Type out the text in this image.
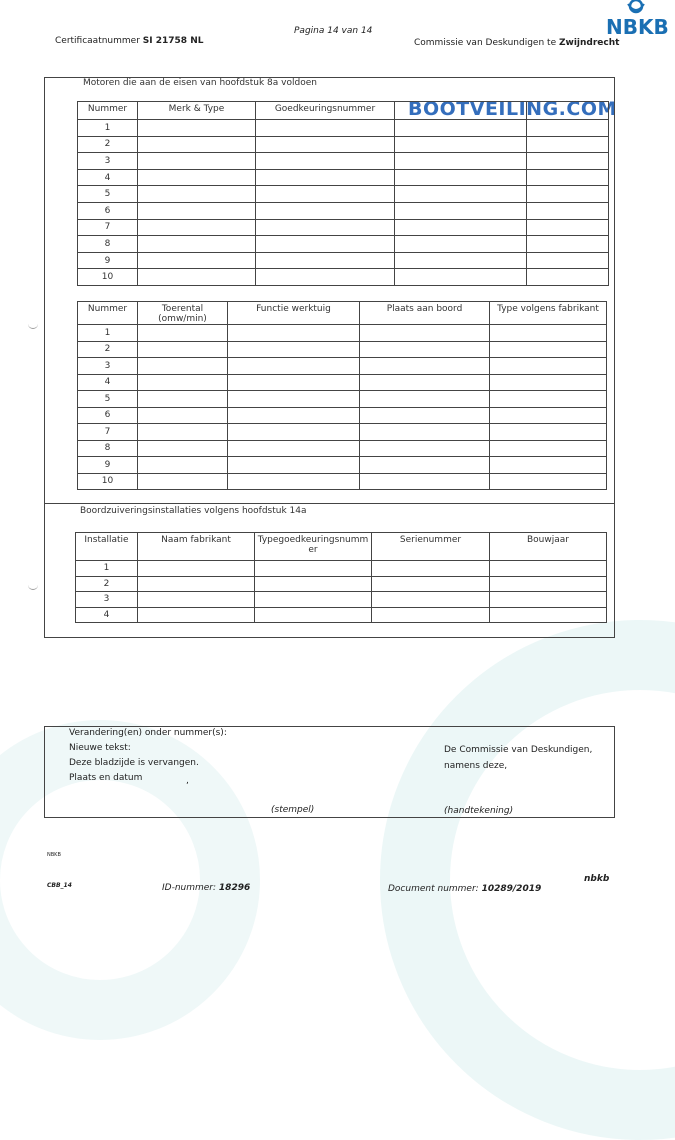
Certificaatnummer SI 21758 NL
Pagina 14 van 14
Commissie van Deskundigen te Zwijndrecht
NBKB
BOOTVEILING.COM
Motoren die aan de eisen van hoofdstuk 8a voldoen
Nummer	Merk & Type	Goedkeuringsnummer		
1				
2				
3				
4				
5				
6				
7				
8				
9				
10				
Nummer	Toerental (omw/min)	Functie werktuig	Plaats aan boord	Type volgens fabrikant
1				
2				
3				
4				
5				
6				
7				
8				
9				
10				
Boordzuiveringsinstallaties volgens hoofdstuk 14a
Installatie	Naam fabrikant	Typegoedkeuringsnummer	Serienummer	Bouwjaar
1				
2				
3				
4				
Verandering(en) onder nummer(s):
Nieuwe tekst:
Deze bladzijde is vervangen.
Plaats en datum	,
De Commissie van Deskundigen,
namens deze,
(stempel)	(handtekening)
NBKB
CBB_14	ID-nummer: 18296	Document nummer: 10289/2019
nbkb
